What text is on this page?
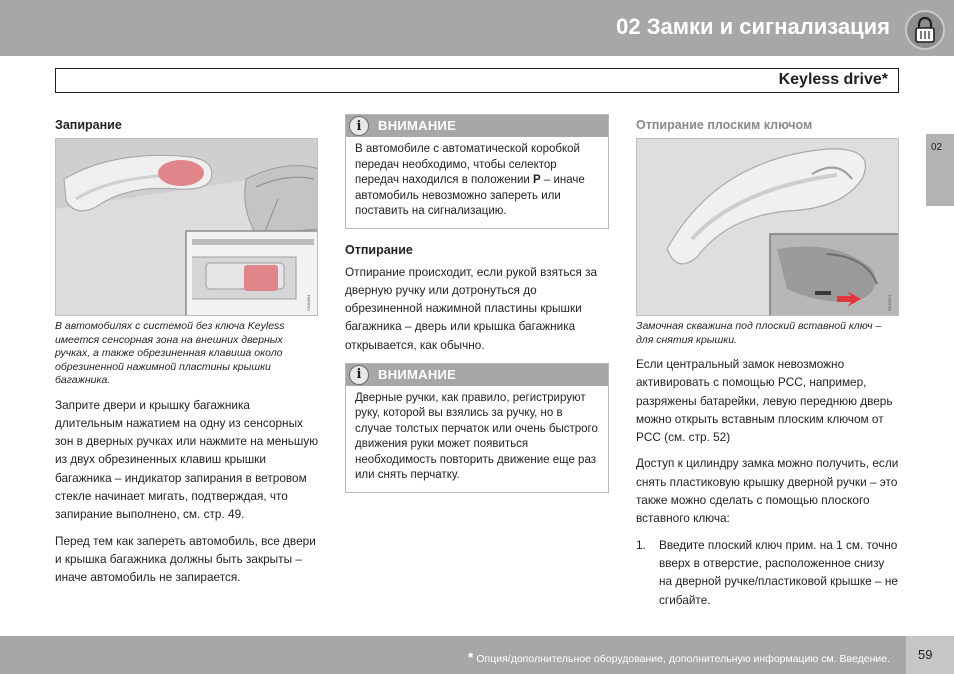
02 Замки и сигнализация
Keyless drive*
02
Запирание
G040994
В автомобилях с системой без ключа Keyless имеется сенсорная зона на внешних дверных ручках, а также обрезиненная клавиша около обрезиненной нажимной пластины крышки багажника.
Заприте двери и крышку багажника длительным нажатием на одну из сенсорных зон в дверных ручках или нажмите на меньшую из двух обрезиненных клавиш крышки багажника – индикатор запирания в ветровом стекле начинает мигать, подтверждая, что запирание выполнено, см. стр. 49.
Перед тем как запереть автомобиль, все двери и крышка багажника должны быть закрыты – иначе автомобиль не запирается.
i	ВНИМАНИЕ
В автомобиле с автоматической коробкой передач необходимо, чтобы селектор передач находился в положении P – иначе автомобиль невозможно запереть или поставить на сигнализацию.
Отпирание
Отпирание происходит, если рукой взяться за дверную ручку или дотронуться до обрезиненной нажимной пластины крышки багажника – дверь или крышка багажника открывается, как обычно.
i	ВНИМАНИЕ
Дверные ручки, как правило, регистрируют руку, которой вы взялись за ручку, но в случае толстых перчаток или очень быстрого движения руки может появиться необходимость повторить движение еще раз или снять перчатку.
Отпирание плоским ключом
G043521
Замочная скважина под плоский вставной ключ – для снятия крышки.
Если центральный замок невозможно активировать с помощью PCC, например, разряжены батарейки, левую переднюю дверь можно открыть вставным плоским ключом от PCC (см. стр. 52)
Доступ к цилиндру замка можно получить, если снять пластиковую крышку дверной ручки – это также можно сделать с помощью плоского вставного ключа:
1. Введите плоский ключ прим. на 1 см. точно вверх в отверстие, расположенное снизу на дверной ручке/пластиковой крышке – не сгибайте.
* Опция/дополнительное оборудование, дополнительную информацию см. Введение. 59
